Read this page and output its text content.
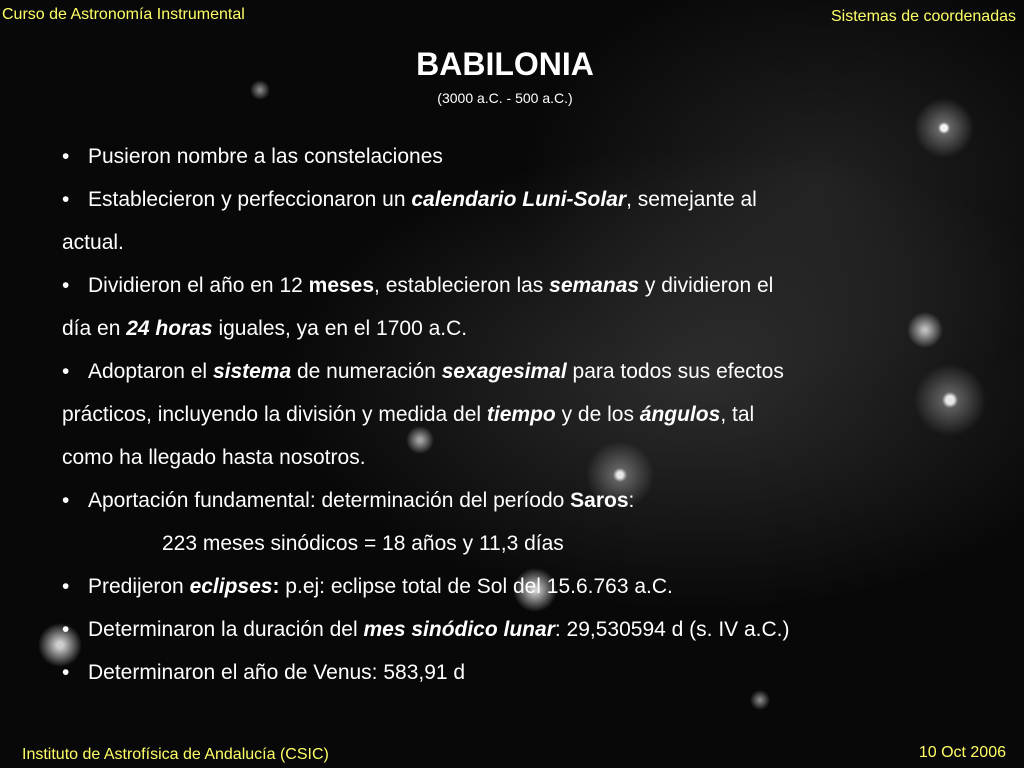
Curso de Astronomía Instrumental	Sistemas de coordenadas
BABILONIA
(3000 a.C. - 500 a.C.)
• Pusieron nombre a las constelaciones
• Establecieron y perfeccionaron un calendario Luni-Solar, semejante al
actual.
• Dividieron el año en 12 meses, establecieron las semanas y dividieron el
día en 24 horas iguales, ya en el 1700 a.C.
• Adoptaron el sistema de numeración sexagesimal para todos sus efectos
prácticos, incluyendo la división y medida del tiempo y de los ángulos, tal
como ha llegado hasta nosotros.
• Aportación fundamental: determinación del período Saros:
223 meses sinódicos = 18 años y 11,3 días
• Predijeron eclipses: p.ej: eclipse total de Sol del 15.6.763 a.C.
• Determinaron la duración del mes sinódico lunar: 29,530594 d (s. IV a.C.)
• Determinaron el año de Venus: 583,91 d
Instituto de Astrofísica de Andalucía (CSIC)	10 Oct 2006
